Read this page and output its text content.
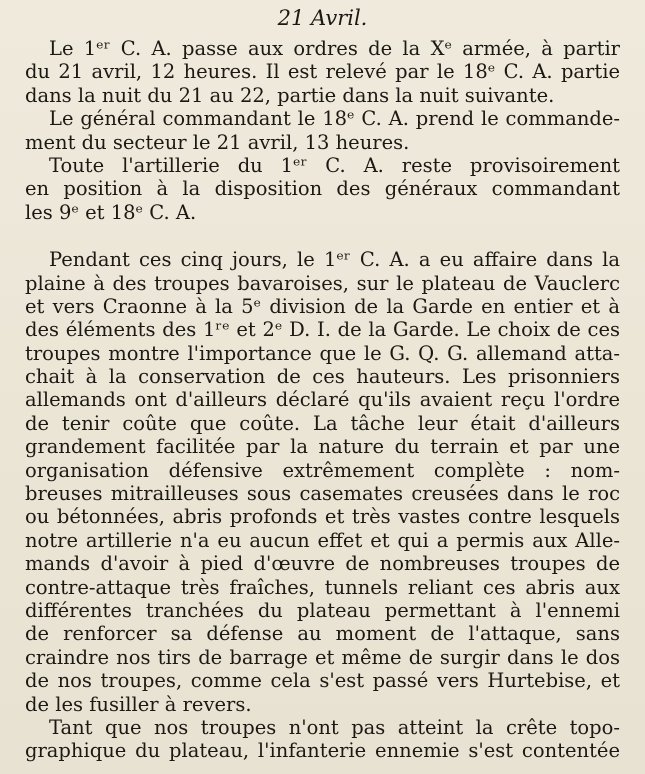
21 Avril.

Le 1ᵉʳ C. A. passe aux ordres de la Xᵉ armée, à partir
du 21 avril, 12 heures. Il est relevé par le 18ᵉ C. A. partie
dans la nuit du 21 au 22, partie dans la nuit suivante.

Le général commandant le 18ᵉ C. A. prend le commande-
ment du secteur le 21 avril, 13 heures.

Toute l'artillerie du 1ᵉʳ C. A. reste provisoirement
en position à la disposition des généraux commandant
les 9ᵉ et 18ᵉ C. A.

Pendant ces cinq jours, le 1ᵉʳ C. A. a eu affaire dans la
plaine à des troupes bavaroises, sur le plateau de Vauclerc
et vers Craonne à la 5ᵉ division de la Garde en entier et à
des éléments des 1ʳᵉ et 2ᵉ D. I. de la Garde. Le choix de ces
troupes montre l'importance que le G. Q. G. allemand atta-
chait à la conservation de ces hauteurs. Les prisonniers
allemands ont d'ailleurs déclaré qu'ils avaient reçu l'ordre
de tenir coûte que coûte. La tâche leur était d'ailleurs
grandement facilitée par la nature du terrain et par une
organisation défensive extrêmement complète : nom-
breuses mitrailleuses sous casemates creusées dans le roc
ou bétonnées, abris profonds et très vastes contre lesquels
notre artillerie n'a eu aucun effet et qui a permis aux Alle-
mands d'avoir à pied d'œuvre de nombreuses troupes de
contre-attaque très fraîches, tunnels reliant ces abris aux
différentes tranchées du plateau permettant à l'ennemi
de renforcer sa défense au moment de l'attaque, sans
craindre nos tirs de barrage et même de surgir dans le dos
de nos troupes, comme cela s'est passé vers Hurtebise, et
de les fusiller à revers.

Tant que nos troupes n'ont pas atteint la crête topo-
graphique du plateau, l'infanterie ennemie s'est contentée
